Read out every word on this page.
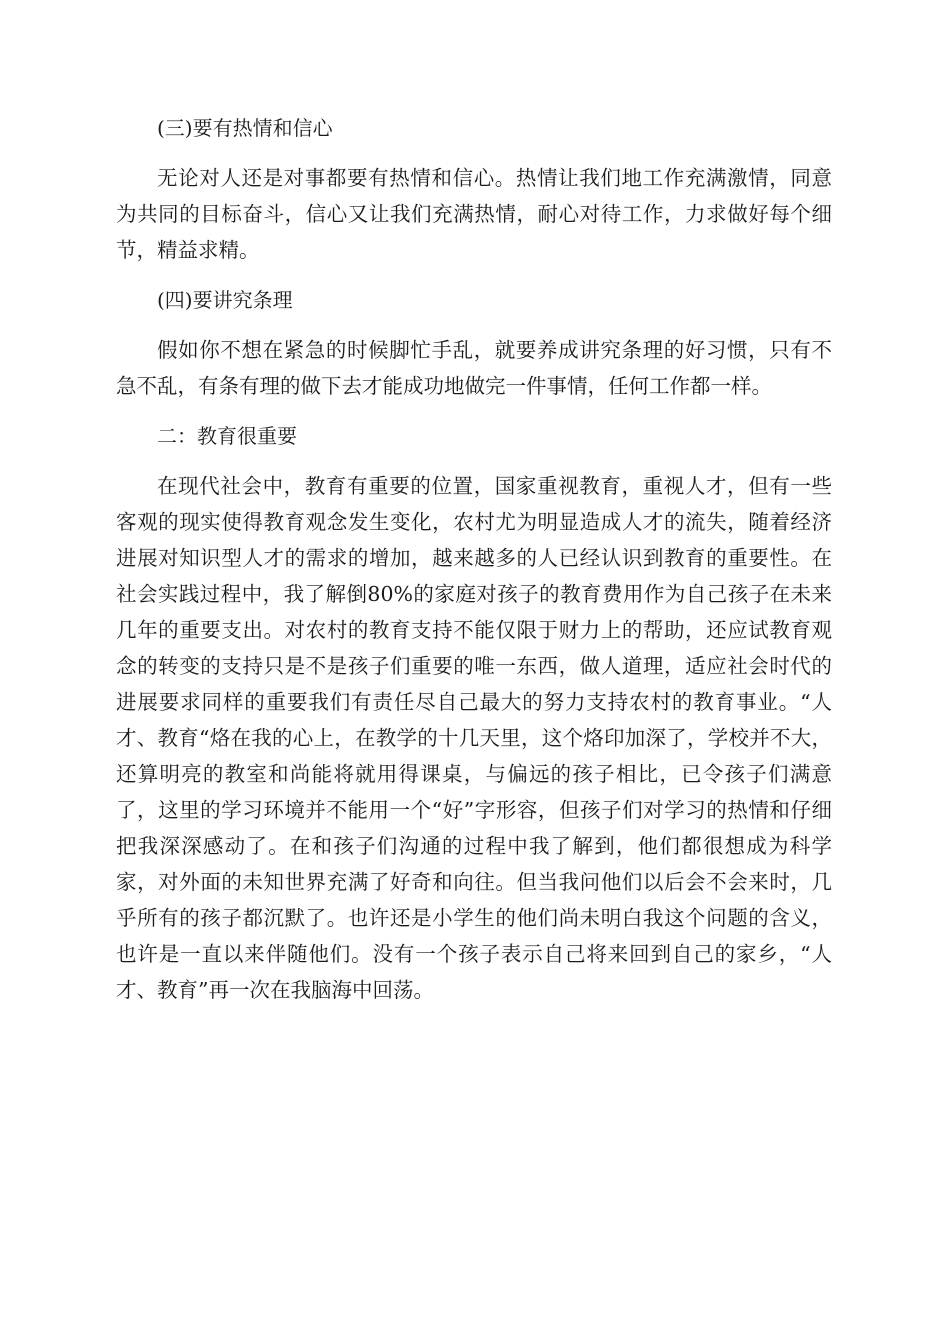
(三)要有热情和信心

无论对人还是对事都要有热情和信心。热情让我们地工作充满激情，同意为共同的目标奋斗，信心又让我们充满热情，耐心对待工作，力求做好每个细节，精益求精。

(四)要讲究条理

假如你不想在紧急的时候脚忙手乱，就要养成讲究条理的好习惯，只有不急不乱，有条有理的做下去才能成功地做完一件事情，任何工作都一样。

二：教育很重要

在现代社会中，教育有重要的位置，国家重视教育，重视人才，但有一些客观的现实使得教育观念发生变化，农村尤为明显造成人才的流失，随着经济进展对知识型人才的需求的增加，越来越多的人已经认识到教育的重要性。在社会实践过程中，我了解倒80%的家庭对孩子的教育费用作为自己孩子在未来几年的重要支出。对农村的教育支持不能仅限于财力上的帮助，还应试教育观念的转变的支持只是不是孩子们重要的唯一东西，做人道理，适应社会时代的进展要求同样的重要我们有责任尽自己最大的努力支持农村的教育事业。“人才、教育“烙在我的心上，在教学的十几天里，这个烙印加深了，学校并不大，还算明亮的教室和尚能将就用得课桌，与偏远的孩子相比，已令孩子们满意了，这里的学习环境并不能用一个“好”字形容，但孩子们对学习的热情和仔细把我深深感动了。在和孩子们沟通的过程中我了解到，他们都很想成为科学家，对外面的未知世界充满了好奇和向往。但当我问他们以后会不会来时，几乎所有的孩子都沉默了。也许还是小学生的他们尚未明白我这个问题的含义，也许是一直以来伴随他们。没有一个孩子表示自己将来回到自己的家乡，“人才、教育”再一次在我脑海中回荡。
